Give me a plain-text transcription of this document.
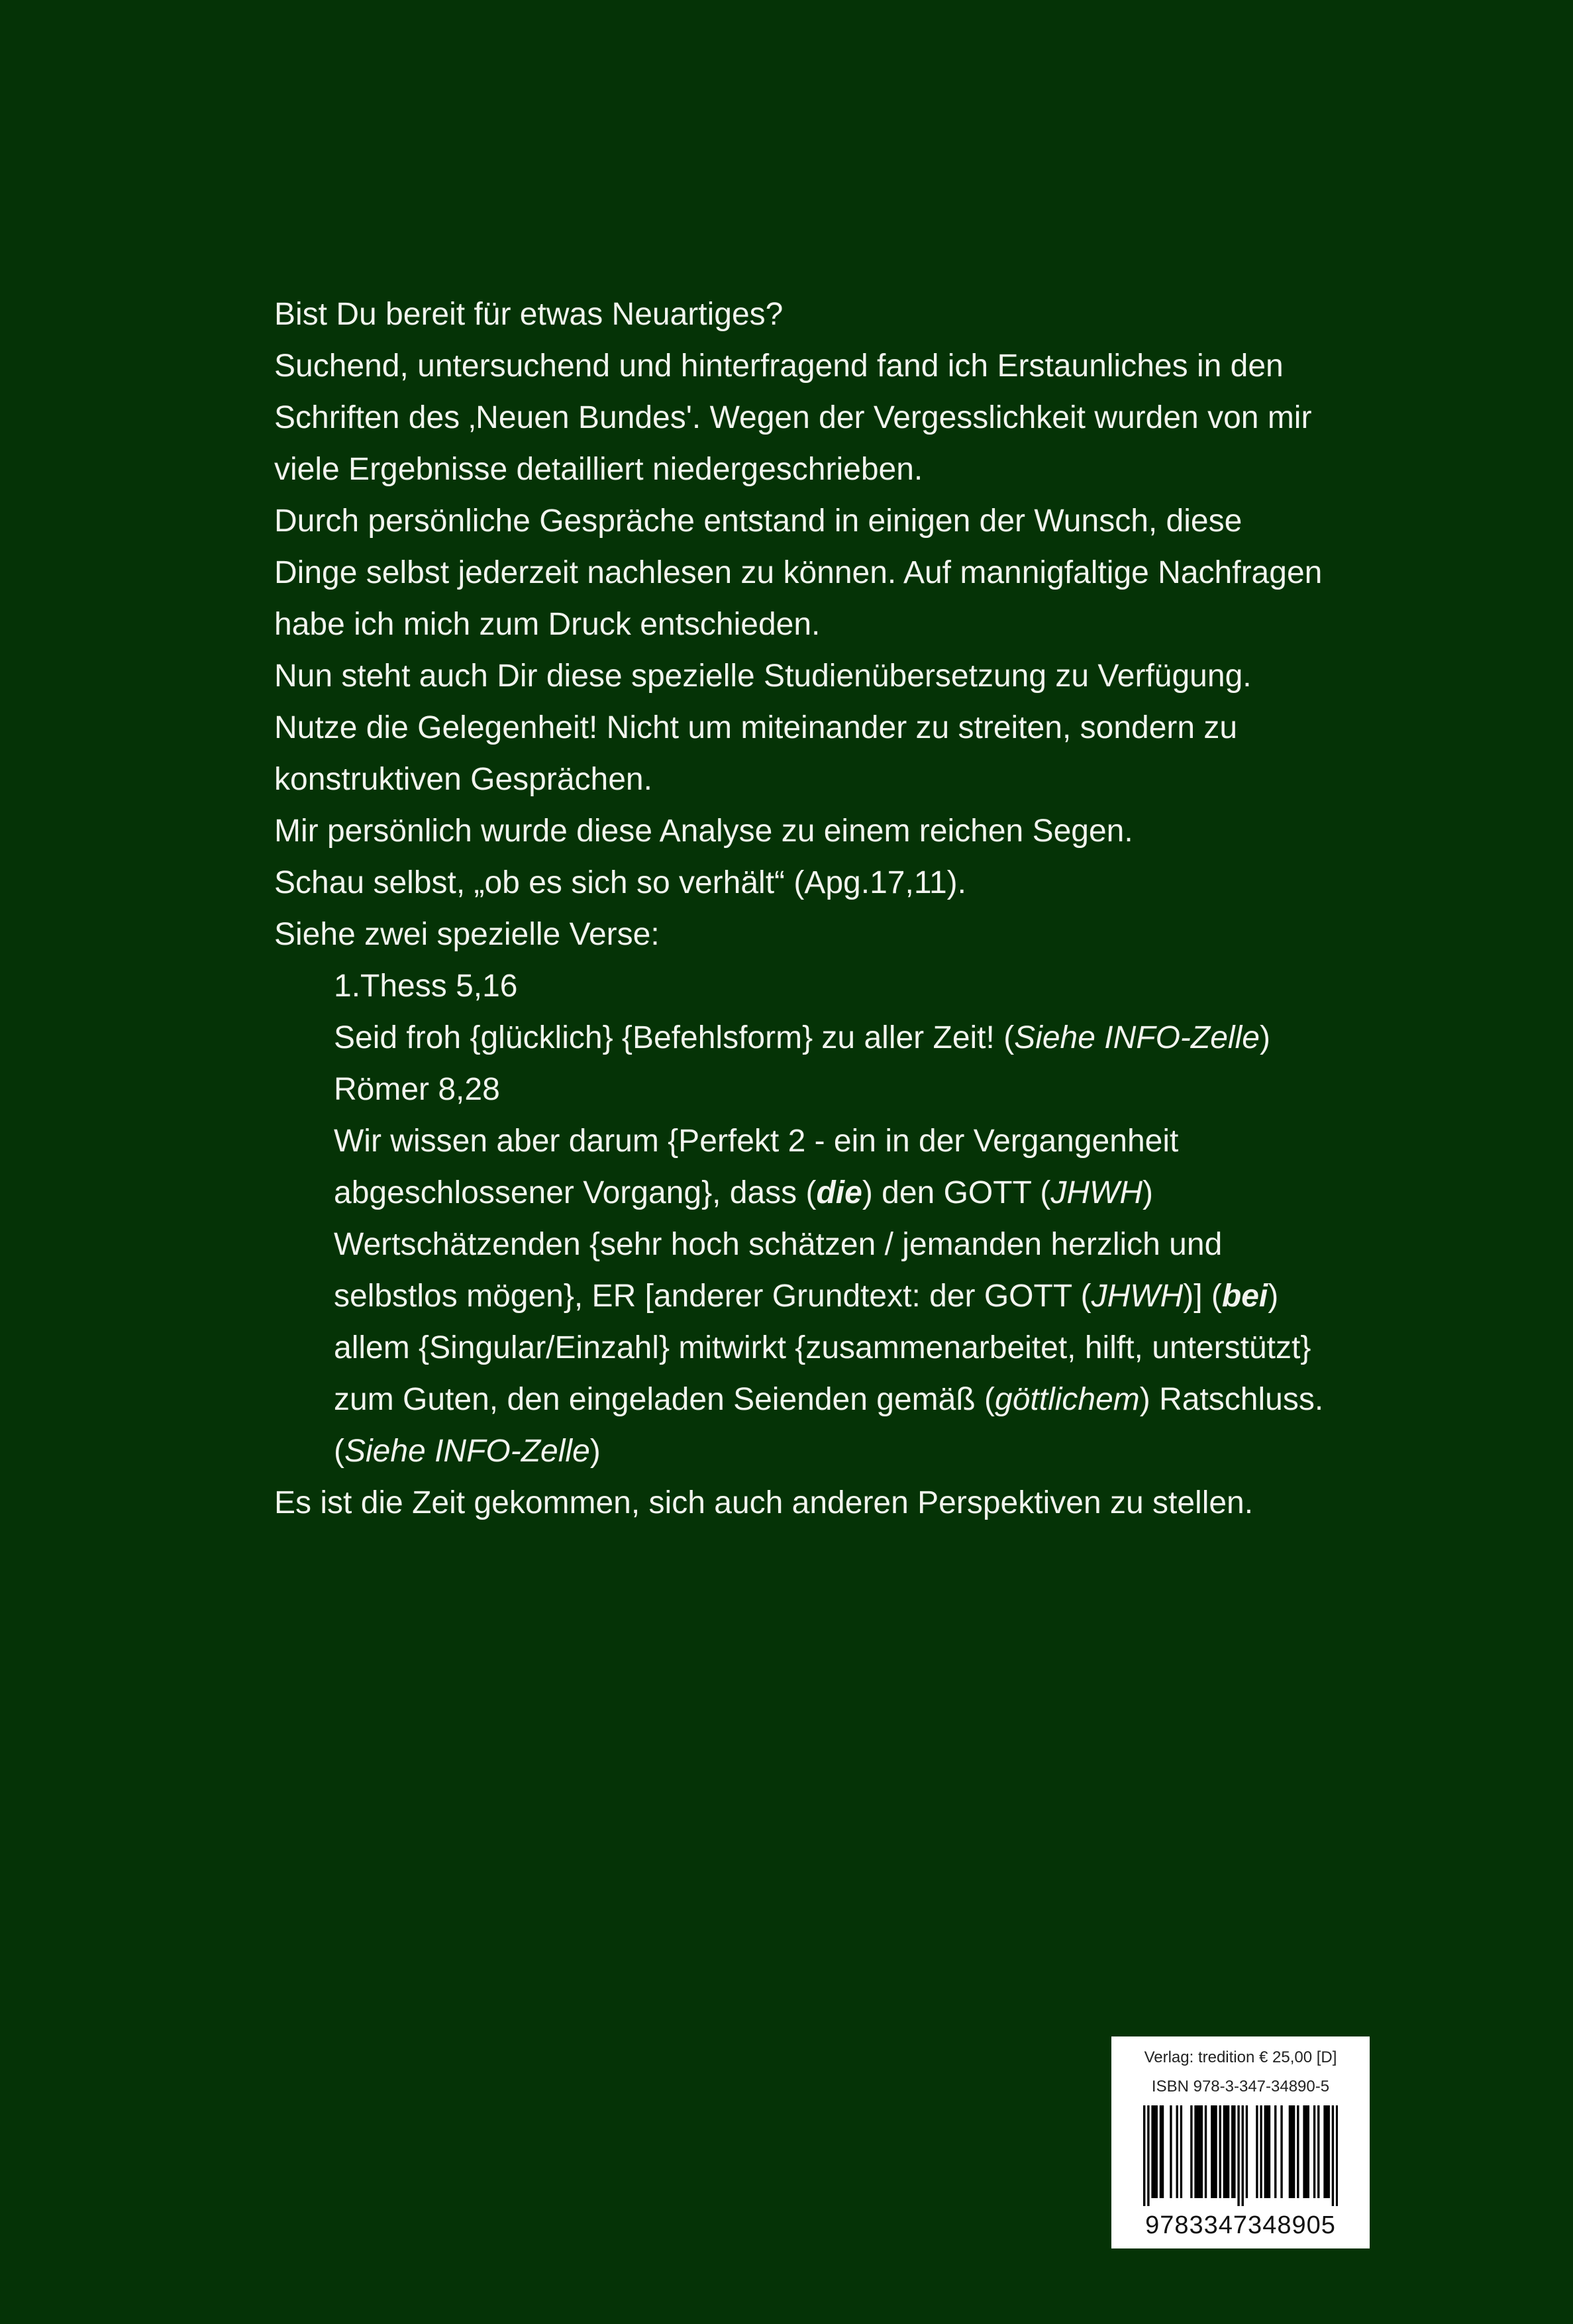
Bist Du bereit für etwas Neuartiges?

Suchend, untersuchend und hinterfragend fand ich Erstaunliches in den

Schriften des ‚Neuen Bundes'. Wegen der Vergesslichkeit wurden von mir

viele Ergebnisse detailliert niedergeschrieben.

Durch persönliche Gespräche entstand in einigen der Wunsch, diese

Dinge selbst jederzeit nachlesen zu können. Auf mannigfaltige Nachfragen

habe ich mich zum Druck entschieden.

Nun steht auch Dir diese spezielle Studienübersetzung zu Verfügung.

Nutze die Gelegenheit! Nicht um miteinander zu streiten, sondern zu

konstruktiven Gesprächen.

Mir persönlich wurde diese Analyse zu einem reichen Segen.

Schau selbst, „ob es sich so verhält“ (Apg.17,11).

Siehe zwei spezielle Verse:

1.Thess 5,16

Seid froh {glücklich} {Befehlsform} zu aller Zeit! (Siehe INFO-Zelle)

Römer 8,28

Wir wissen aber darum {Perfekt 2 - ein in der Vergangenheit

abgeschlossener Vorgang}, dass (die) den GOTT (JHWH)

Wertschätzenden {sehr hoch schätzen / jemanden herzlich und

selbstlos mögen}, ER [anderer Grundtext: der GOTT (JHWH)] (bei)

allem {Singular/Einzahl} mitwirkt {zusammenarbeitet, hilft, unterstützt}

zum Guten, den eingeladen Seienden gemäß (göttlichem) Ratschluss.

(Siehe INFO-Zelle)

Es ist die Zeit gekommen, sich auch anderen Perspektiven zu stellen.

Verlag: tredition € 25,00 [D]
ISBN 978-3-347-34890-5
9783347348905
